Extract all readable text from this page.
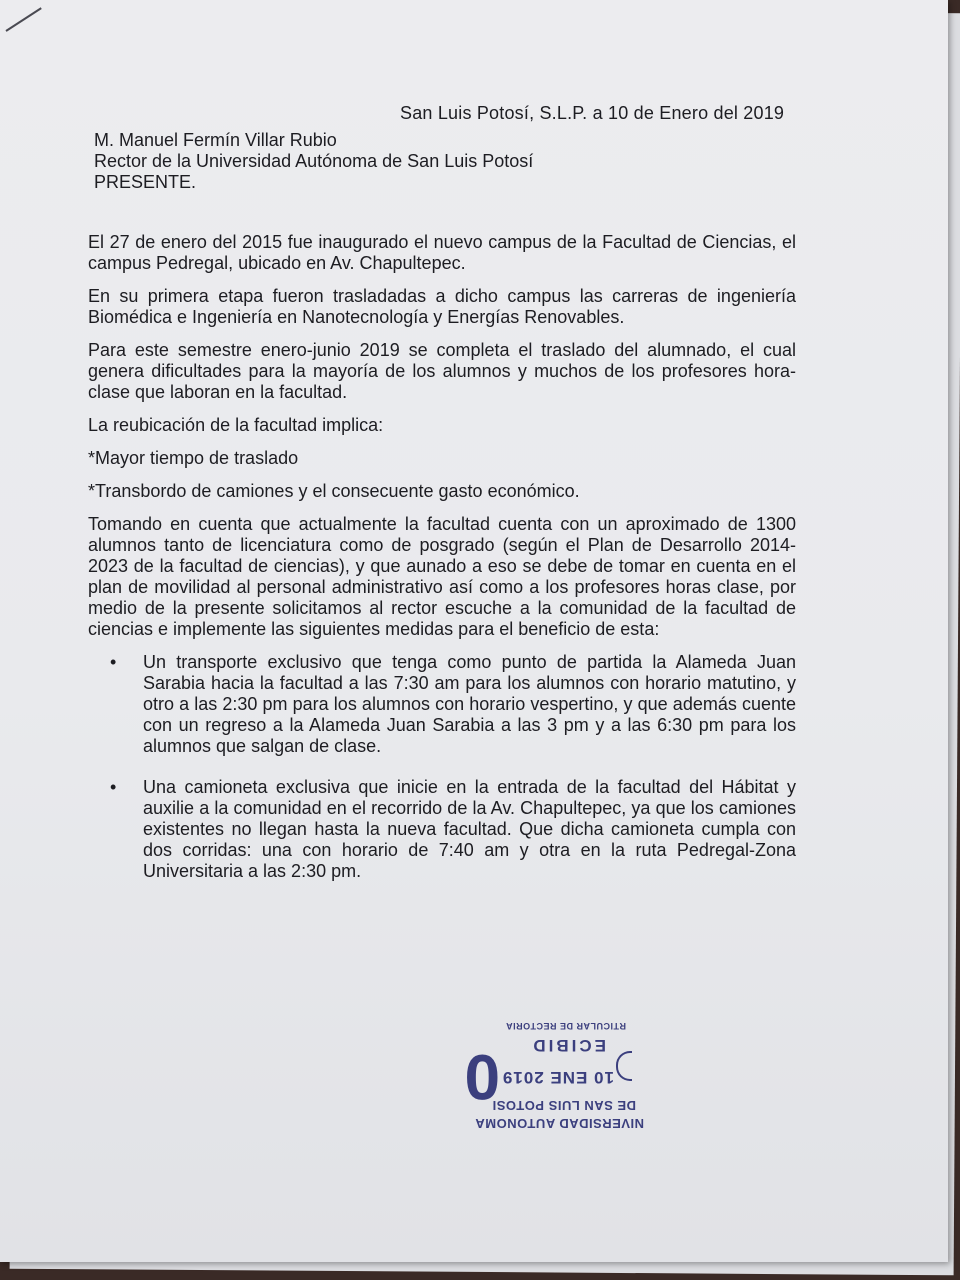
San Luis Potosí, S.L.P. a 10 de Enero del 2019
M. Manuel Fermín Villar Rubio
Rector de la Universidad Autónoma de San Luis Potosí
PRESENTE.

El 27 de enero del 2015 fue inaugurado el nuevo campus de la Facultad de Ciencias, el campus Pedregal, ubicado en Av. Chapultepec.

En su primera etapa fueron trasladadas a dicho campus las carreras de ingeniería Biomédica e Ingeniería en Nanotecnología y Energías Renovables.

Para este semestre enero-junio 2019 se completa el traslado del alumnado, el cual genera dificultades para la mayoría de los alumnos y muchos de los profesores hora-clase que laboran en la facultad.

La reubicación de la facultad implica:

*Mayor tiempo de traslado

*Transbordo de camiones y el consecuente gasto económico.

Tomando en cuenta que actualmente la facultad cuenta con un aproximado de 1300 alumnos tanto de licenciatura como de posgrado (según el Plan de Desarrollo 2014-2023 de la facultad de ciencias), y que aunado a eso se debe de tomar en cuenta en el plan de movilidad al personal administrativo así como a los profesores horas clase, por medio de la presente solicitamos al rector escuche a la comunidad de la facultad de ciencias e implemente las siguientes medidas para el beneficio de esta:

• Un transporte exclusivo que tenga como punto de partida la Alameda Juan Sarabia hacia la facultad a las 7:30 am para los alumnos con horario matutino, y otro a las 2:30 pm para los alumnos con horario vespertino, y que además cuente con un regreso a la Alameda Juan Sarabia a las 3 pm y a las 6:30 pm para los alumnos que salgan de clase.
• Una camioneta exclusiva que inicie en la entrada de la facultad del Hábitat y auxilie a la comunidad en el recorrido de la Av. Chapultepec, ya que los camiones existentes no llegan hasta la nueva facultad. Que dicha camioneta cumpla con dos corridas: una con horario de 7:40 am y otra en la ruta Pedregal-Zona Universitaria a las 2:30 pm.
NIVERSIDAD AUTONOMA
DE SAN LUIS POTOSI
10 ENE 2019
0 ECIBID
RTICULAR DE RECTORIA
